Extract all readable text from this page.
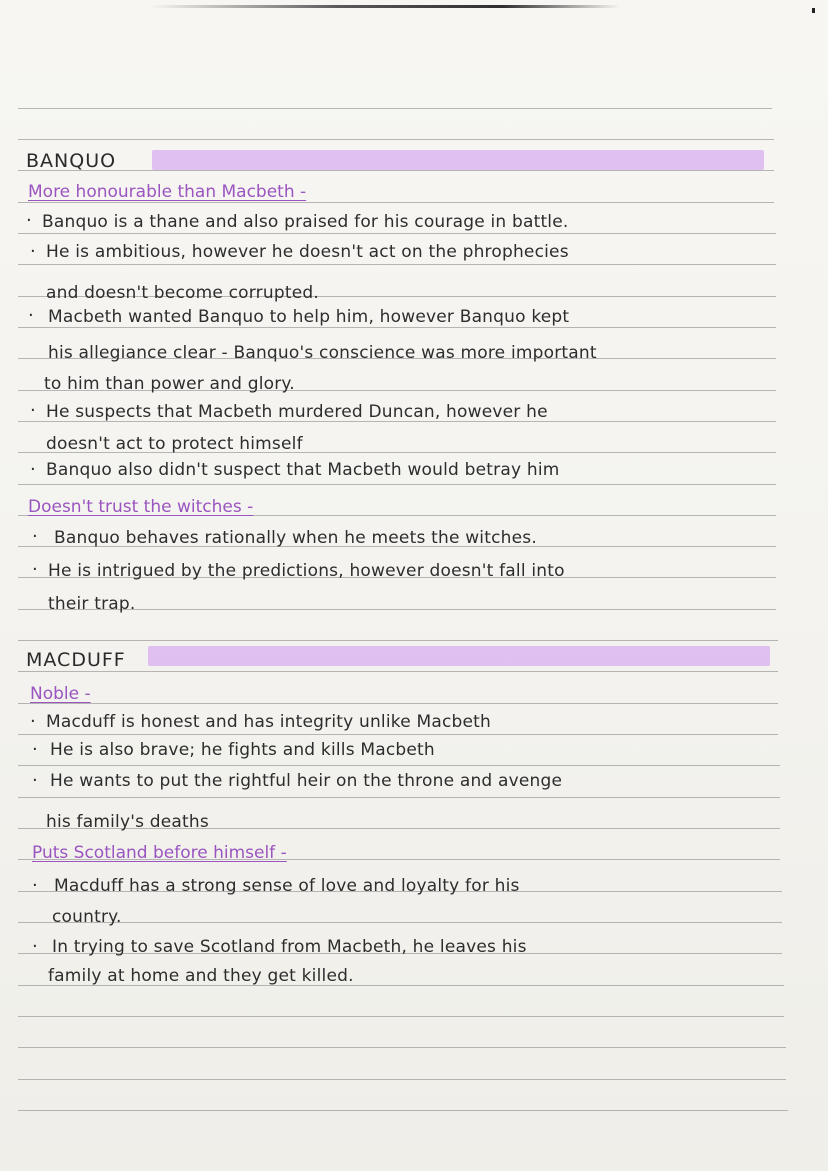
BANQUO
More honourable than Macbeth -
· Banquo is a thane and also praised for his courage in battle.
· He is ambitious, however he doesn't act on the phrophecies
and doesn't become corrupted.
· Macbeth wanted Banquo to help him, however Banquo kept
his allegiance clear - Banquo's conscience was more important
to him than power and glory.
· He suspects that Macbeth murdered Duncan, however he
doesn't act to protect himself
· Banquo also didn't suspect that Macbeth would betray him
Doesn't trust the witches -
· Banquo behaves rationally when he meets the witches.
· He is intrigued by the predictions, however doesn't fall into
their trap.
MACDUFF
Noble -
· Macduff is honest and has integrity unlike Macbeth
· He is also brave; he fights and kills Macbeth
· He wants to put the rightful heir on the throne and avenge
his family's deaths
Puts Scotland before himself -
· Macduff has a strong sense of love and loyalty for his
country.
· In trying to save Scotland from Macbeth, he leaves his
family at home and they get killed.
